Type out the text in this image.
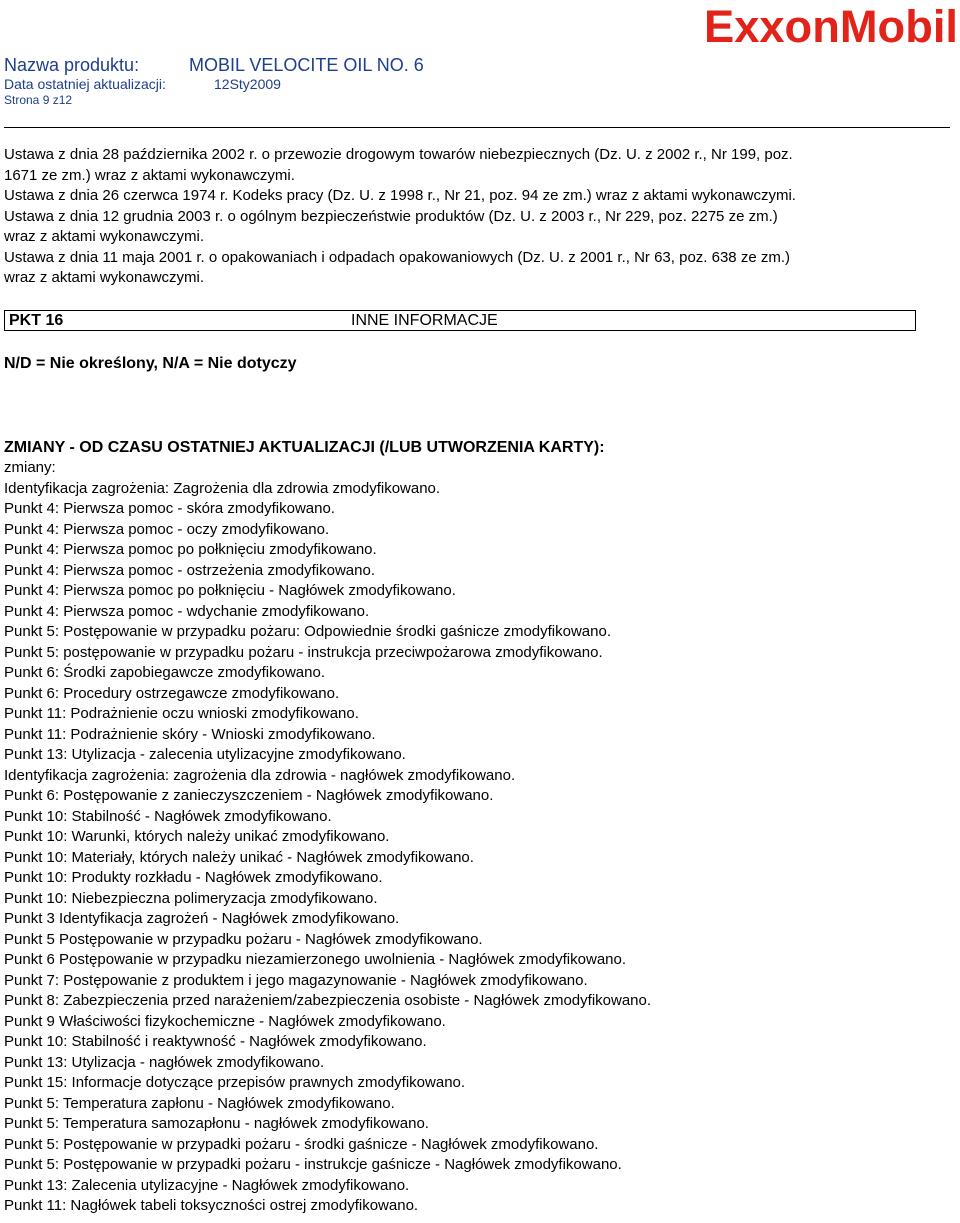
Nazwa produktu:	MOBIL VELOCITE OIL NO. 6
Data ostatniej aktualizacji:	12Sty2009
Strona 9 z12
ExxonMobil
Ustawa z dnia 28 października 2002 r. o przewozie drogowym towarów niebezpiecznych (Dz. U. z 2002 r., Nr 199, poz.
1671 ze zm.) wraz z aktami wykonawczymi.
Ustawa z dnia 26 czerwca 1974 r. Kodeks pracy (Dz. U. z 1998 r., Nr 21, poz. 94 ze zm.) wraz z aktami wykonawczymi.
Ustawa z dnia 12 grudnia 2003 r. o ogólnym bezpieczeństwie produktów (Dz. U. z 2003 r., Nr 229, poz. 2275 ze zm.)
wraz z aktami wykonawczymi.
Ustawa z dnia 11 maja 2001 r. o opakowaniach i odpadach opakowaniowych (Dz. U. z 2001 r., Nr 63, poz. 638 ze zm.)
wraz z aktami wykonawczymi.
PKT 16	INNE INFORMACJE
N/D = Nie określony, N/A = Nie dotyczy
ZMIANY - OD CZASU OSTATNIEJ AKTUALIZACJI (/LUB UTWORZENIA KARTY):
zmiany:
Identyfikacja zagrożenia: Zagrożenia dla zdrowia zmodyfikowano.
Punkt 4: Pierwsza pomoc - skóra zmodyfikowano.
Punkt 4: Pierwsza pomoc - oczy zmodyfikowano.
Punkt 4: Pierwsza pomoc po połknięciu zmodyfikowano.
Punkt 4: Pierwsza pomoc - ostrzeżenia zmodyfikowano.
Punkt 4: Pierwsza pomoc po połknięciu - Nagłówek zmodyfikowano.
Punkt 4: Pierwsza pomoc - wdychanie zmodyfikowano.
Punkt 5: Postępowanie w przypadku pożaru: Odpowiednie środki gaśnicze zmodyfikowano.
Punkt 5: postępowanie w przypadku pożaru - instrukcja przeciwpożarowa zmodyfikowano.
Punkt 6: Środki zapobiegawcze zmodyfikowano.
Punkt 6: Procedury ostrzegawcze zmodyfikowano.
Punkt 11: Podrażnienie oczu wnioski zmodyfikowano.
Punkt 11: Podrażnienie skóry - Wnioski zmodyfikowano.
Punkt 13: Utylizacja - zalecenia utylizacyjne zmodyfikowano.
Identyfikacja zagrożenia: zagrożenia dla zdrowia - nagłówek zmodyfikowano.
Punkt 6: Postępowanie z zanieczyszczeniem - Nagłówek zmodyfikowano.
Punkt 10: Stabilność - Nagłówek zmodyfikowano.
Punkt 10: Warunki, których należy unikać zmodyfikowano.
Punkt 10: Materiały, których należy unikać - Nagłówek zmodyfikowano.
Punkt 10: Produkty rozkładu - Nagłówek zmodyfikowano.
Punkt 10: Niebezpieczna polimeryzacja zmodyfikowano.
Punkt 3 Identyfikacja zagrożeń - Nagłówek zmodyfikowano.
Punkt 5 Postępowanie w przypadku pożaru - Nagłówek zmodyfikowano.
Punkt 6 Postępowanie w przypadku niezamierzonego uwolnienia - Nagłówek zmodyfikowano.
Punkt 7: Postępowanie z produktem i jego magazynowanie - Nagłówek zmodyfikowano.
Punkt 8: Zabezpieczenia przed narażeniem/zabezpieczenia osobiste - Nagłówek zmodyfikowano.
Punkt 9 Właściwości fizykochemiczne - Nagłówek zmodyfikowano.
Punkt 10: Stabilność i reaktywność - Nagłówek zmodyfikowano.
Punkt 13: Utylizacja - nagłówek zmodyfikowano.
Punkt 15: Informacje dotyczące przepisów prawnych zmodyfikowano.
Punkt 5: Temperatura zapłonu - Nagłówek zmodyfikowano.
Punkt 5: Temperatura samozapłonu - nagłówek zmodyfikowano.
Punkt 5: Postępowanie w przypadki pożaru - środki gaśnicze - Nagłówek zmodyfikowano.
Punkt 5: Postępowanie w przypadki pożaru - instrukcje gaśnicze - Nagłówek zmodyfikowano.
Punkt 13: Zalecenia utylizacyjne - Nagłówek zmodyfikowano.
Punkt 11: Nagłówek tabeli toksyczności ostrej zmodyfikowano.
